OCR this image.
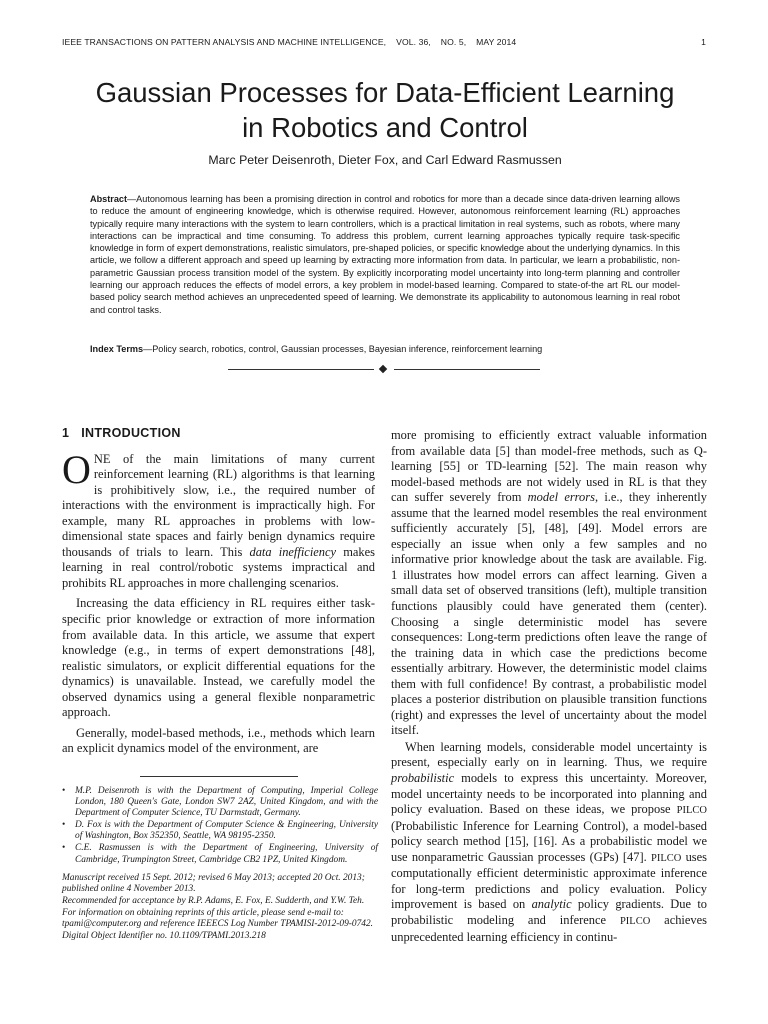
IEEE TRANSACTIONS ON PATTERN ANALYSIS AND MACHINE INTELLIGENCE,    VOL. 36,    NO. 5,    MAY 2014	1
Gaussian Processes for Data-Efficient Learning
in Robotics and Control
Marc Peter Deisenroth, Dieter Fox, and Carl Edward Rasmussen
Abstract—Autonomous learning has been a promising direction in control and robotics for more than a decade since data-driven learning allows to reduce the amount of engineering knowledge, which is otherwise required. However, autonomous reinforcement learning (RL) approaches typically require many interactions with the system to learn controllers, which is a practical limitation in real systems, such as robots, where many interactions can be impractical and time consuming. To address this problem, current learning approaches typically require task-specific knowledge in form of expert demonstrations, realistic simulators, pre-shaped policies, or specific knowledge about the underlying dynamics. In this article, we follow a different approach and speed up learning by extracting more information from data. In particular, we learn a probabilistic, non-parametric Gaussian process transition model of the system. By explicitly incorporating model uncertainty into long-term planning and controller learning our approach reduces the effects of model errors, a key problem in model-based learning. Compared to state-of-the art RL our model-based policy search method achieves an unprecedented speed of learning. We demonstrate its applicability to autonomous learning in real robot and control tasks.
Index Terms—Policy search, robotics, control, Gaussian processes, Bayesian inference, reinforcement learning
1 INTRODUCTION

ONE of the main limitations of many current reinforcement learning (RL) algorithms is that learning is prohibitively slow, i.e., the required number of interactions with the environment is impractically high. For example, many RL approaches in problems with low-dimensional state spaces and fairly benign dynamics require thousands of trials to learn. This data inefficiency makes learning in real control/robotic systems impractical and prohibits RL approaches in more challenging scenarios.

Increasing the data efficiency in RL requires either task-specific prior knowledge or extraction of more information from available data. In this article, we assume that expert knowledge (e.g., in terms of expert demonstrations [48], realistic simulators, or explicit differential equations for the dynamics) is unavailable. Instead, we carefully model the observed dynamics using a general flexible nonparametric approach.

Generally, model-based methods, i.e., methods which learn an explicit dynamics model of the environment, are

• M.P. Deisenroth is with the Department of Computing, Imperial College London, 180 Queen's Gate, London SW7 2AZ, United Kingdom, and with the Department of Computer Science, TU Darmstadt, Germany.
• D. Fox is with the Department of Computer Science & Engineering, University of Washington, Box 352350, Seattle, WA 98195-2350.
• C.E. Rasmussen is with the Department of Engineering, University of Cambridge, Trumpington Street, Cambridge CB2 1PZ, United Kingdom.

Manuscript received 15 Sept. 2012; revised 6 May 2013; accepted 20 Oct. 2013; published online 4 November 2013.

Recommended for acceptance by R.P. Adams, E. Fox, E. Sudderth, and Y.W. Teh.

For information on obtaining reprints of this article, please send e-mail to: tpami@computer.org and reference IEEECS Log Number TPAMISI-2012-09-0742.

Digital Object Identifier no. 10.1109/TPAMI.2013.218

more promising to efficiently extract valuable information from available data [5] than model-free methods, such as Q-learning [55] or TD-learning [52]. The main reason why model-based methods are not widely used in RL is that they can suffer severely from model errors, i.e., they inherently assume that the learned model resembles the real environment sufficiently accurately [5], [48], [49]. Model errors are especially an issue when only a few samples and no informative prior knowledge about the task are available. Fig. 1 illustrates how model errors can affect learning. Given a small data set of observed transitions (left), multiple transition functions plausibly could have generated them (center). Choosing a single deterministic model has severe consequences: Long-term predictions often leave the range of the training data in which case the predictions become essentially arbitrary. However, the deterministic model claims them with full confidence! By contrast, a probabilistic model places a posterior distribution on plausible transition functions (right) and expresses the level of uncertainty about the model itself.

When learning models, considerable model uncertainty is present, especially early on in learning. Thus, we require probabilistic models to express this uncertainty. Moreover, model uncertainty needs to be incorporated into planning and policy evaluation. Based on these ideas, we propose PILCO (Probabilistic Inference for Learning Control), a model-based policy search method [15], [16]. As a probabilistic model we use nonparametric Gaussian processes (GPs) [47]. PILCO uses computationally efficient deterministic approximate inference for long-term predictions and policy evaluation. Policy improvement is based on analytic policy gradients. Due to probabilistic modeling and inference PILCO achieves unprecedented learning efficiency in continu-
